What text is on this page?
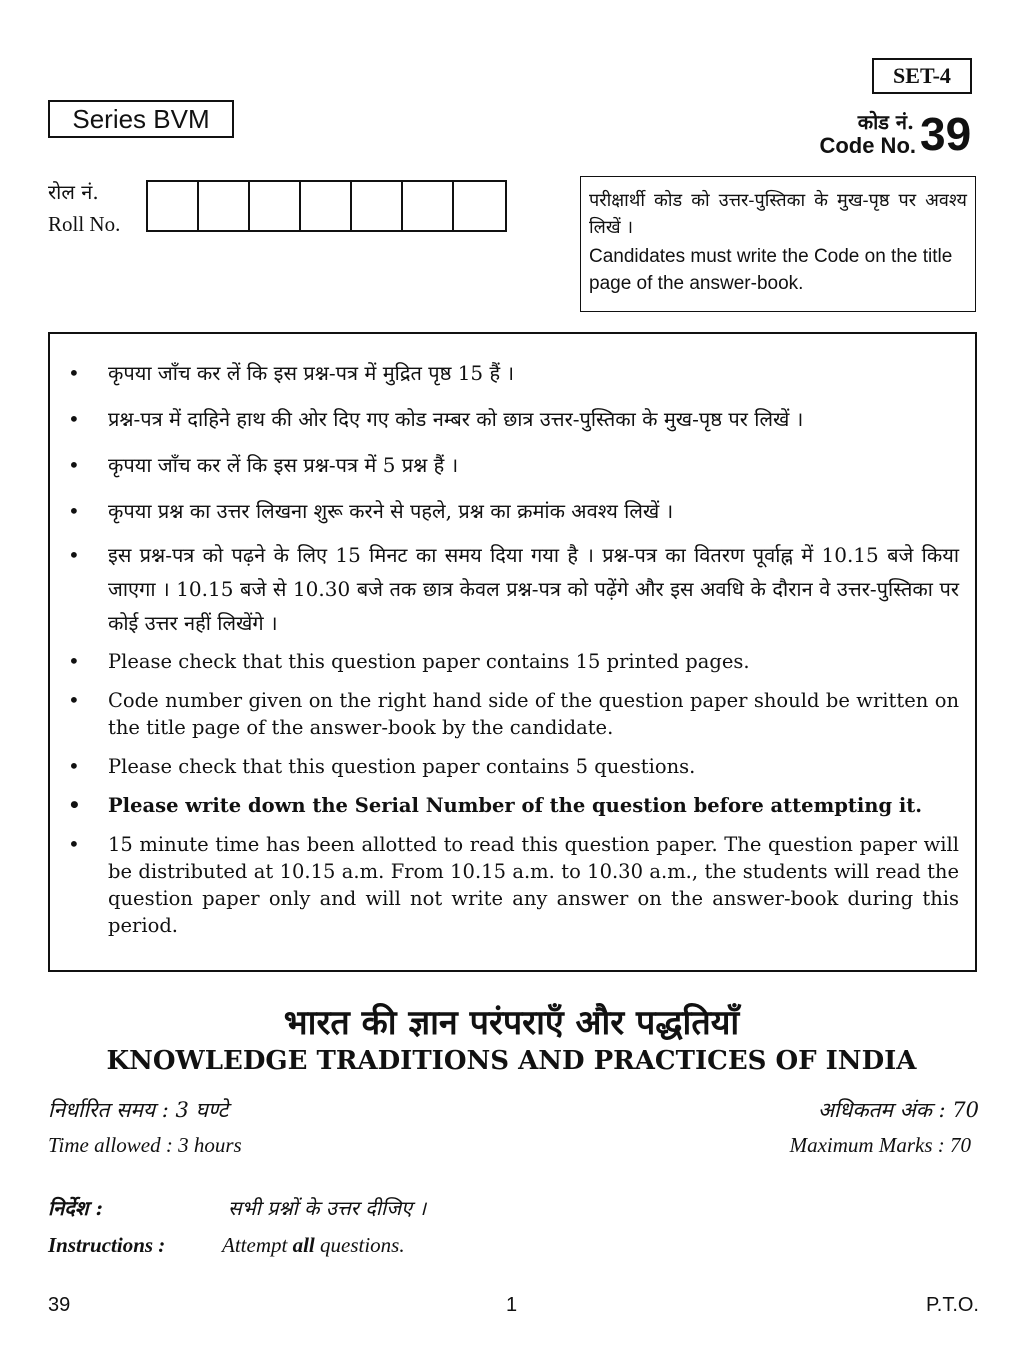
Series BVM
SET-4
कोड नं.
Code No. 39
रोल नं.
Roll No.
परीक्षार्थी कोड को उत्तर-पुस्तिका के मुख-पृष्ठ पर अवश्य लिखें ।
Candidates must write the Code on the title page of the answer-book.
• कृपया जाँच कर लें कि इस प्रश्न-पत्र में मुद्रित पृष्ठ 15 हैं ।
• प्रश्न-पत्र में दाहिने हाथ की ओर दिए गए कोड नम्बर को छात्र उत्तर-पुस्तिका के मुख-पृष्ठ पर लिखें ।
• कृपया जाँच कर लें कि इस प्रश्न-पत्र में 5 प्रश्न हैं ।
• कृपया प्रश्न का उत्तर लिखना शुरू करने से पहले, प्रश्न का क्रमांक अवश्य लिखें ।
• इस प्रश्न-पत्र को पढ़ने के लिए 15 मिनट का समय दिया गया है । प्रश्न-पत्र का वितरण पूर्वाह्न में 10.15 बजे किया जाएगा । 10.15 बजे से 10.30 बजे तक छात्र केवल प्रश्न-पत्र को पढ़ेंगे और इस अवधि के दौरान वे उत्तर-पुस्तिका पर कोई उत्तर नहीं लिखेंगे ।
• Please check that this question paper contains 15 printed pages.
• Code number given on the right hand side of the question paper should be written on the title page of the answer-book by the candidate.
• Please check that this question paper contains 5 questions.
• Please write down the Serial Number of the question before attempting it.
• 15 minute time has been allotted to read this question paper. The question paper will be distributed at 10.15 a.m. From 10.15 a.m. to 10.30 a.m., the students will read the question paper only and will not write any answer on the answer-book during this period.
भारत की ज्ञान परंपराएँ और पद्धतियाँ
KNOWLEDGE TRADITIONS AND PRACTICES OF INDIA
निर्धारित समय : 3 घण्टे
Time allowed : 3 hours
अधिकतम अंक : 70
Maximum Marks : 70
निर्देश :	सभी प्रश्नों के उत्तर दीजिए ।
Instructions :	Attempt all questions.
39	1	P.T.O.
